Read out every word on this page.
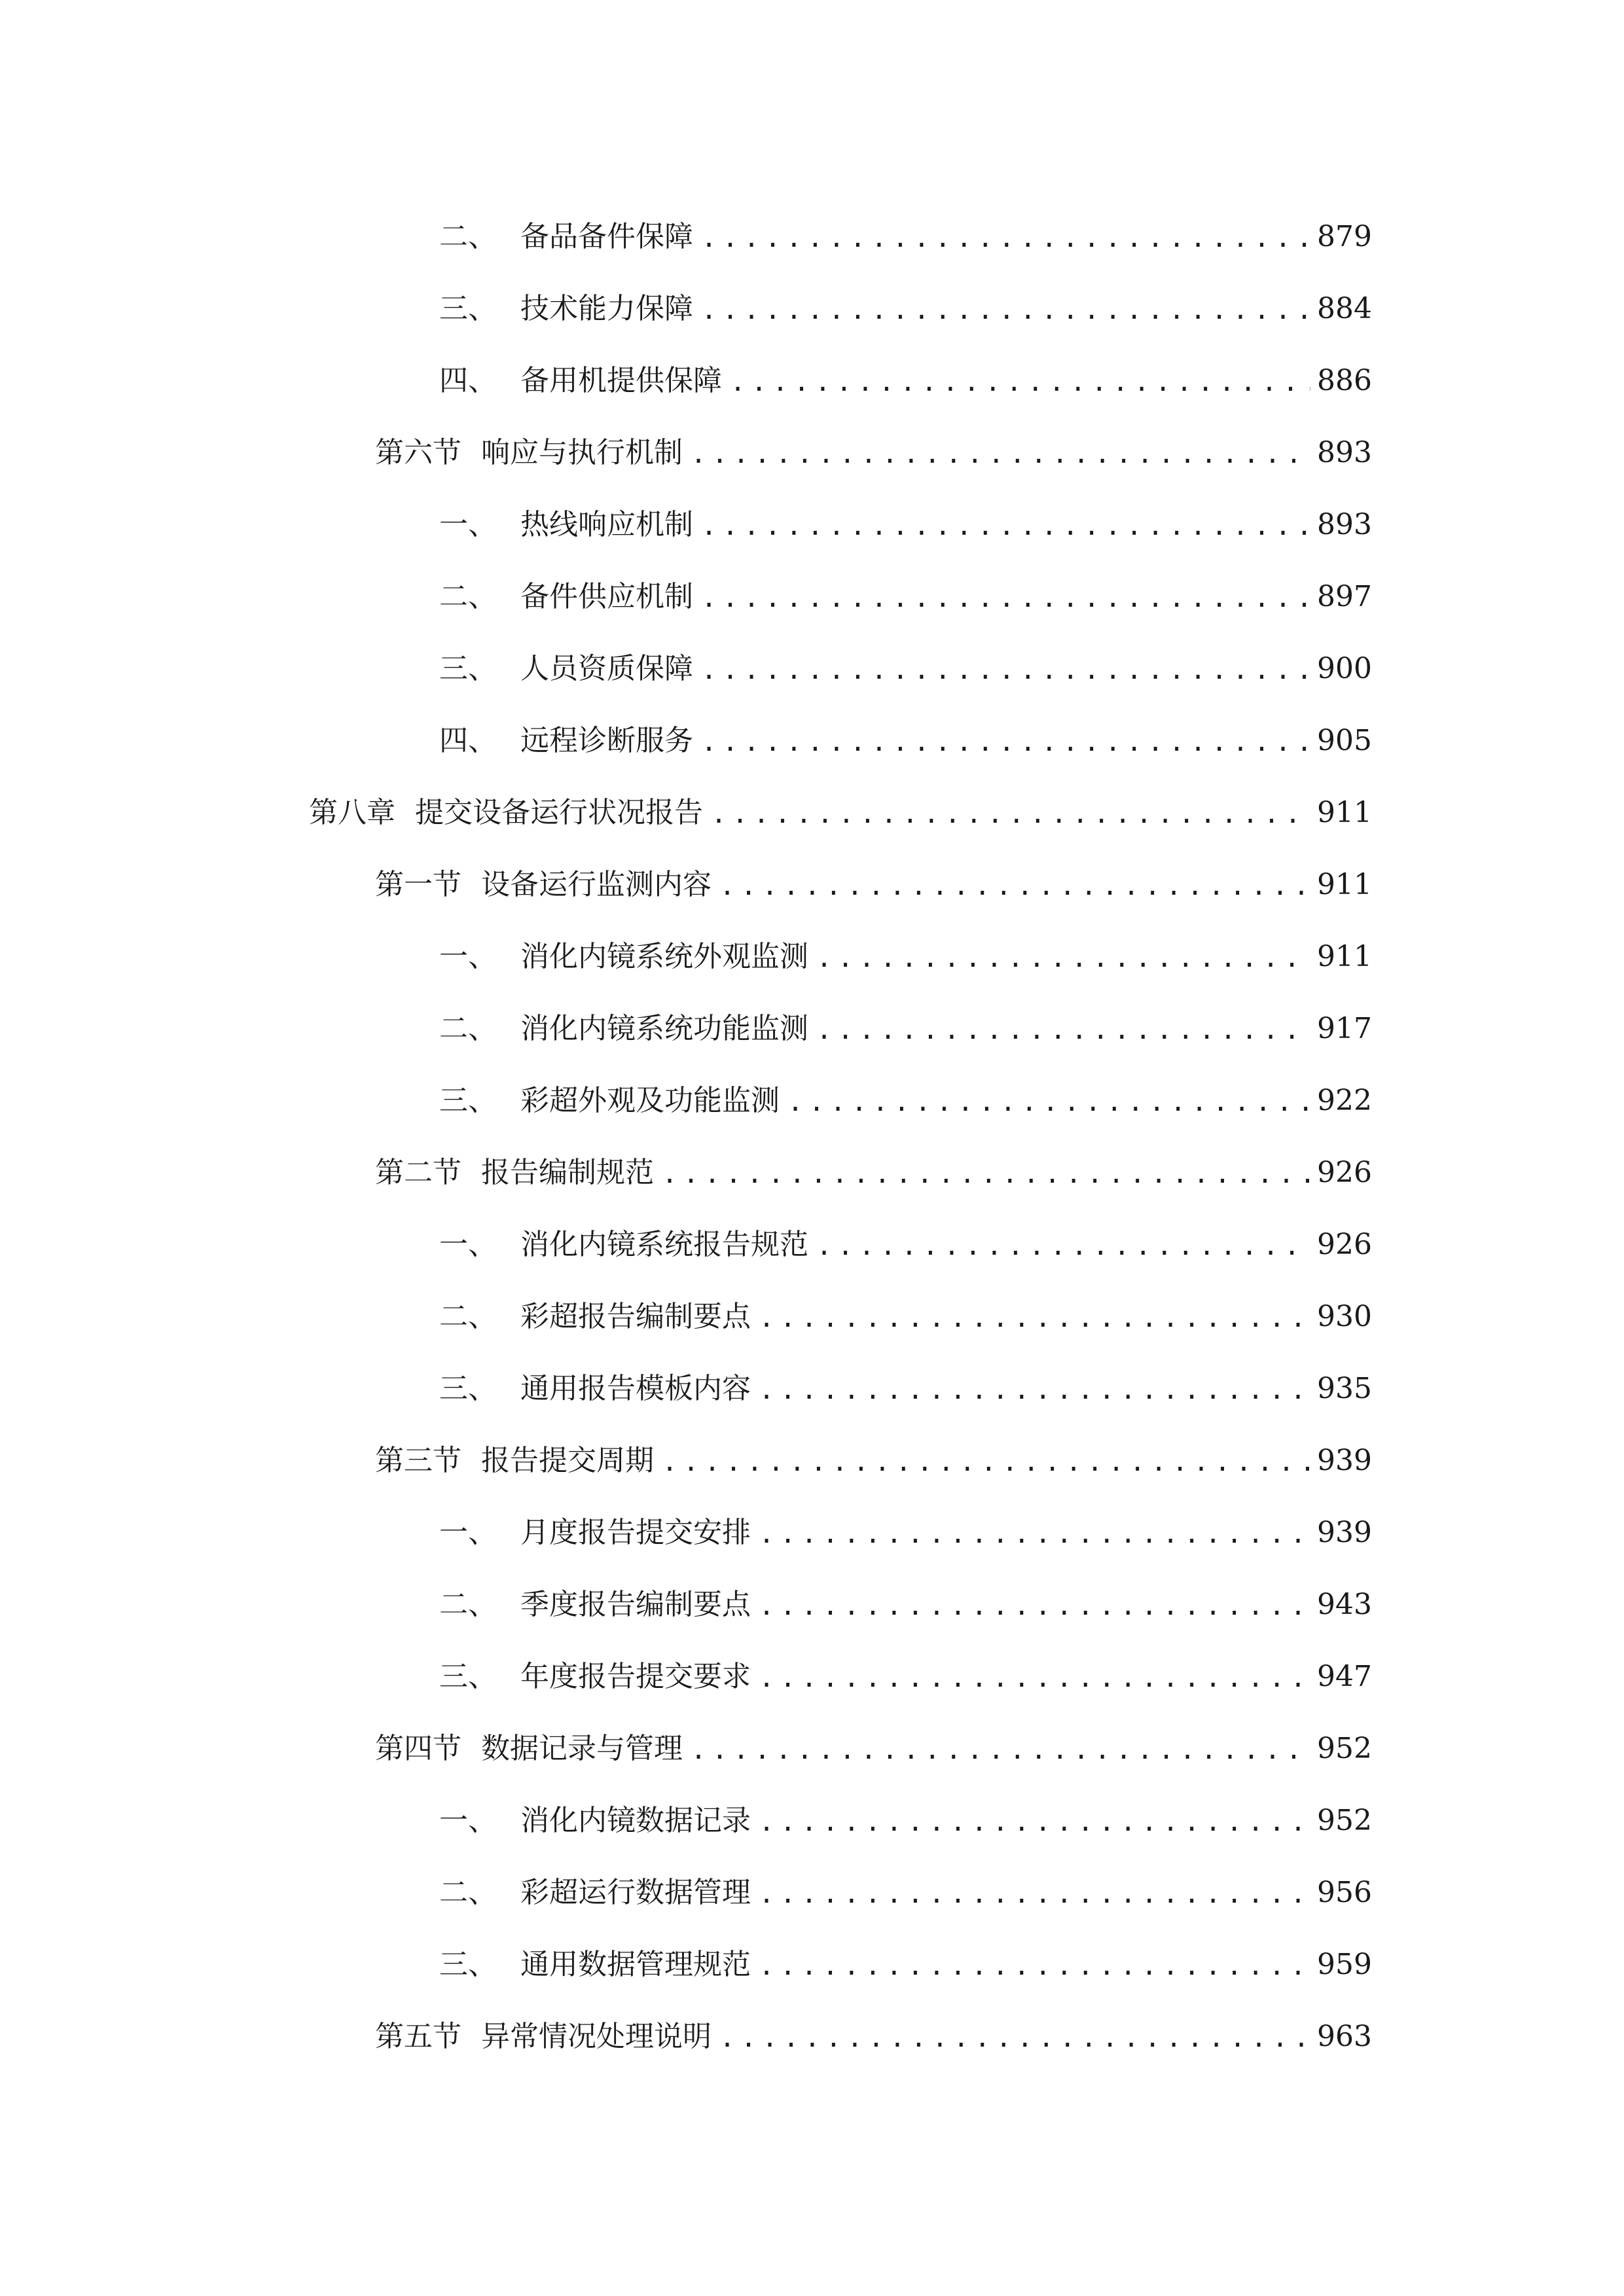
二、 备品备件保障 .....	879
三、 技术能力保障 .....	884
四、 备用机提供保障 .....	886
第六节 响应与执行机制 .....	893
一、 热线响应机制 .....	893
二、 备件供应机制 .....	897
三、 人员资质保障 .....	900
四、 远程诊断服务 .....	905
第八章 提交设备运行状况报告 .....	911
第一节 设备运行监测内容 .....	911
一、 消化内镜系统外观监测 .....	911
二、 消化内镜系统功能监测 .....	917
三、 彩超外观及功能监测 .....	922
第二节 报告编制规范 .....	926
一、 消化内镜系统报告规范 .....	926
二、 彩超报告编制要点 .....	930
三、 通用报告模板内容 .....	935
第三节 报告提交周期 .....	939
一、 月度报告提交安排 .....	939
二、 季度报告编制要点 .....	943
三、 年度报告提交要求 .....	947
第四节 数据记录与管理 .....	952
一、 消化内镜数据记录 .....	952
二、 彩超运行数据管理 .....	956
三、 通用数据管理规范 .....	959
第五节 异常情况处理说明 .....	963
